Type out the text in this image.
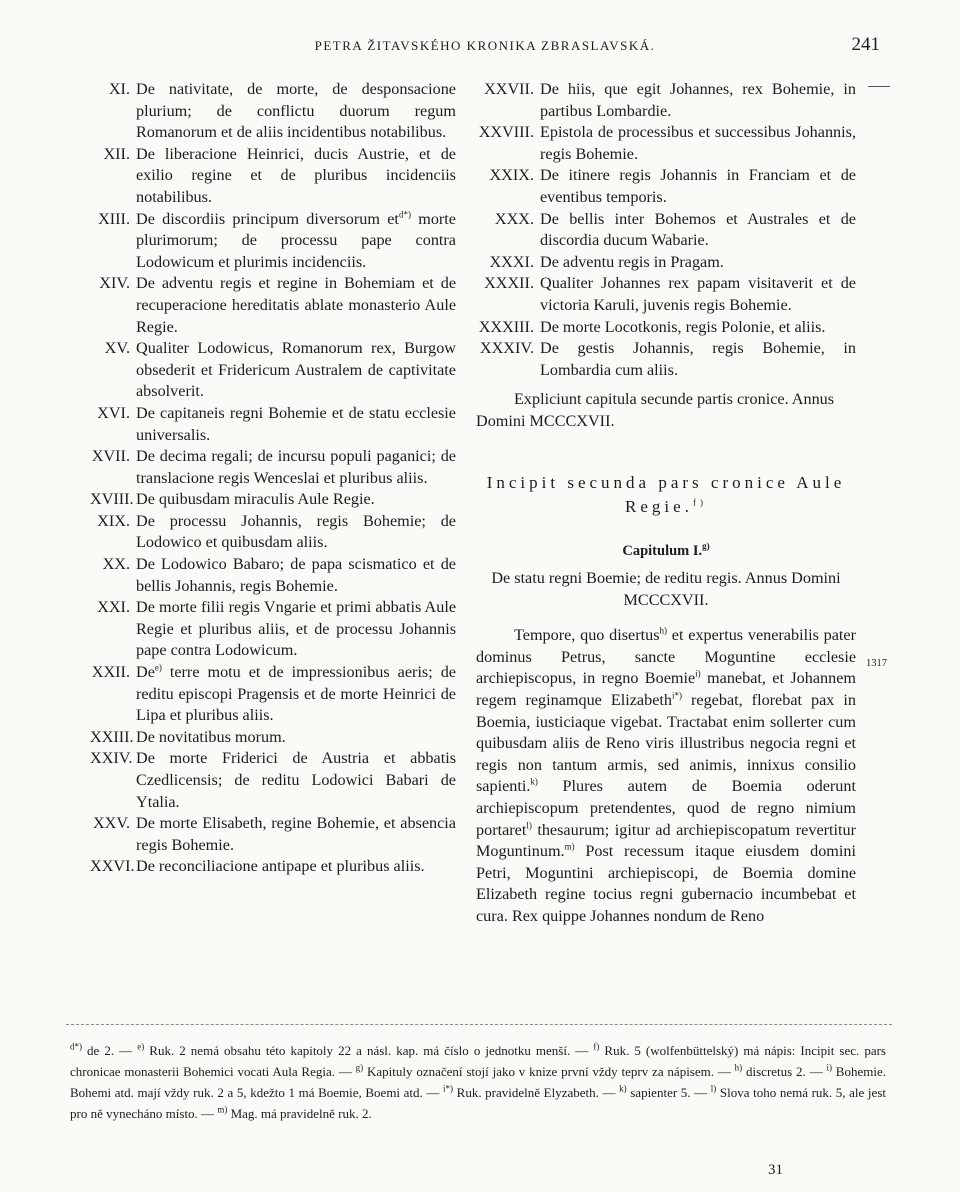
PETRA ŽITAVSKÉHO KRONIKA ZBRASLAVSKÁ.	241
XI. De nativitate, de morte, de desponsacione plurium; de conflictu duorum regum Romanorum et de aliis incidentibus notabilibus.
XII. De liberacione Heinrici, ducis Austrie, et de exilio regine et de pluribus incidenciis notabilibus.
XIII. De discordiis principum diversorum $et^{d*)}$ morte plurimorum; de processu pape contra Lodowicum et plurimis incidenciis.
XIV. De adventu regis et regine in Bohemiam et de recuperacione hereditatis ablate monasterio Aule Regie.
XV. Qualiter Lodowicus, Romanorum rex, Burgow obsederit et Fridericum Australem de captivitate absolverit.
XVI. De capitaneis regni Bohemie et de statu ecclesie universalis.
XVII. De decima regali; de incursu populi paganici; de translacione regis Wenceslai et pluribus aliis.
XVIII. De quibusdam miraculis Aule Regie.
XIX. De processu Johannis, regis Bohemie; de Lodowico et quibusdam aliis.
XX. De Lodowico Babaro; de papa scismatico et de bellis Johannis, regis Bohemie.
XXI. De morte filii regis Vngarie et primi abbatis Aule Regie et pluribus aliis, et de processu Johannis pape contra Lodowicum.
XXII. De$^{e)}$ terre motu et de impressionibus aeris; de reditu episcopi Pragensis et de morte Heinrici de Lipa et pluribus aliis.
XXIII. De novitatibus morum.
XXIV. De morte Friderici de Austria et abbatis Czedlicensis; de reditu Lodowici Babari de Ytalia.
XXV. De morte Elisabeth, regine Bohemie, et absencia regis Bohemie.
XXVI. De reconciliacione antipape et pluribus aliis.
XXVII. De hiis, que egit Johannes, rex Bohemie, in partibus Lombardie.
XXVIII. Epistola de processibus et successibus Johannis, regis Bohemie.
XXIX. De itinere regis Johannis in Franciam et de eventibus temporis.
XXX. De bellis inter Bohemos et Australes et de discordia ducum Wabarie.
XXXI. De adventu regis in Pragam.
XXXII. Qualiter Johannes rex papam visitaverit et de victoria Karuli, juvenis regis Bohemie.
XXXIII. De morte Locotkonis, regis Polonie, et aliis.
XXXIV. De gestis Johannis, regis Bohemie, in Lombardia cum aliis.
Expliciunt capitula secunde partis cronice. Annus Domini MCCCXVII.
Incipit secunda pars cronice Aule Regie.$^{f)}$
Capitulum I.$^{g)}$
De statu regni Boemie; de reditu regis. Annus Domini MCCCXVII.
Tempore, quo disertus$^{h)}$ et expertus venerabilis pater dominus Petrus, sancte Moguntine ecclesie archiepiscopus, in regno Boemie$^{i)}$ manebat, et Johannem regem reginamque Elizabeth$^{i*)}$ regebat, florebat pax in Boemia, iusticiaque vigebat. Tractabat enim sollerter cum quibusdam aliis de Reno viris illustribus negocia regni et regis non tantum armis, sed animis, innixus consilio sapienti.$^{k)}$ Plures autem de Boemia oderunt archiepiscopum pretendentes, quod de regno nimium portaret$^{l)}$ thesaurum; igitur ad archiepiscopatum revertitur Moguntinum.$^{m)}$ Post recessum itaque eiusdem domini Petri, Moguntini archiepiscopi, de Boemia domine Elizabeth regine tocius regni gubernacio incumbebat et cura. Rex quippe Johannes nondum de Reno
1317
$^{d*)}$ de 2. — $^{e)}$ Ruk. 2 nemá obsahu této kapitoly 22 a násl. kap. má číslo o jednotku menší. — $^{f)}$ Ruk. 5 (wolfenbüttelský) má nápis: Incipit sec. pars chronicae monasterii Bohemici vocati Aula Regia. — $^{g)}$ Kapituly označení stojí jako v knize první vždy teprv za nápisem. — $^{h)}$ discretus 2. — $^{i)}$ Bohemie. Bohemi atd. mají vždy ruk. 2 a 5, kdežto 1 má Boemie, Boemi atd. — $^{i*)}$ Ruk. pravidelně Elyzabeth. — $^{k)}$ sapienter 5. — $^{l)}$ Slova toho nemá ruk. 5, ale jest pro ně vynecháno místo. — $^{m)}$ Mag. má pravidelně ruk. 2.
31
